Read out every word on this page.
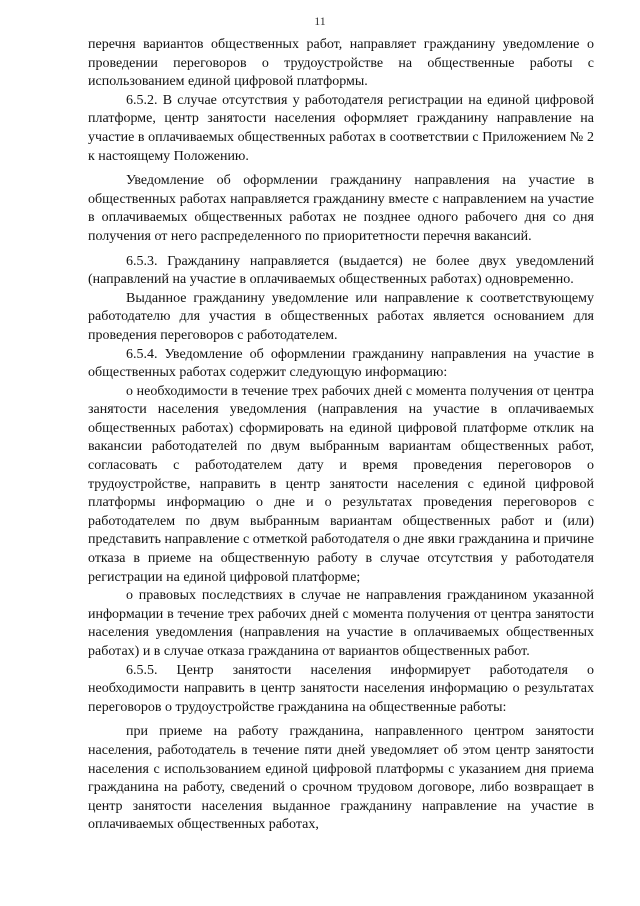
11

перечня вариантов общественных работ, направляет гражданину уведомление о проведении переговоров о трудоустройстве на общественные работы с использованием единой цифровой платформы.

6.5.2. В случае отсутствия у работодателя регистрации на единой цифровой платформе, центр занятости населения оформляет гражданину направление на участие в оплачиваемых общественных работах в соответствии с Приложением № 2 к настоящему Положению.

Уведомление об оформлении гражданину направления на участие в общественных работах направляется гражданину вместе с направлением на участие в оплачиваемых общественных работах не позднее одного рабочего дня со дня получения от него распределенного по приоритетности перечня вакансий.

6.5.3. Гражданину направляется (выдается) не более двух уведомлений (направлений на участие в оплачиваемых общественных работах) одновременно.

Выданное гражданину уведомление или направление к соответствующему работодателю для участия в общественных работах является основанием для проведения переговоров с работодателем.

6.5.4. Уведомление об оформлении гражданину направления на участие в общественных работах содержит следующую информацию:

о необходимости в течение трех рабочих дней с момента получения от центра занятости населения уведомления (направления на участие в оплачиваемых общественных работах) сформировать на единой цифровой платформе отклик на вакансии работодателей по двум выбранным вариантам общественных работ, согласовать с работодателем дату и время проведения переговоров о трудоустройстве, направить в центр занятости населения с единой цифровой платформы информацию о дне и о результатах проведения переговоров с работодателем по двум выбранным вариантам общественных работ и (или) представить направление с отметкой работодателя о дне явки гражданина и причине отказа в приеме на общественную работу в случае отсутствия у работодателя регистрации на единой цифровой платформе;

о правовых последствиях в случае не направления гражданином указанной информации в течение трех рабочих дней с момента получения от центра занятости населения уведомления (направления на участие в оплачиваемых общественных работах) и в случае отказа гражданина от вариантов общественных работ.

6.5.5. Центр занятости населения информирует работодателя о необходимости направить в центр занятости населения информацию о результатах переговоров о трудоустройстве гражданина на общественные работы:

при приеме на работу гражданина, направленного центром занятости населения, работодатель в течение пяти дней уведомляет об этом центр занятости населения с использованием единой цифровой платформы с указанием дня приема гражданина на работу, сведений о срочном трудовом договоре, либо возвращает в центр занятости населения выданное гражданину направление на участие в оплачиваемых общественных работах,
